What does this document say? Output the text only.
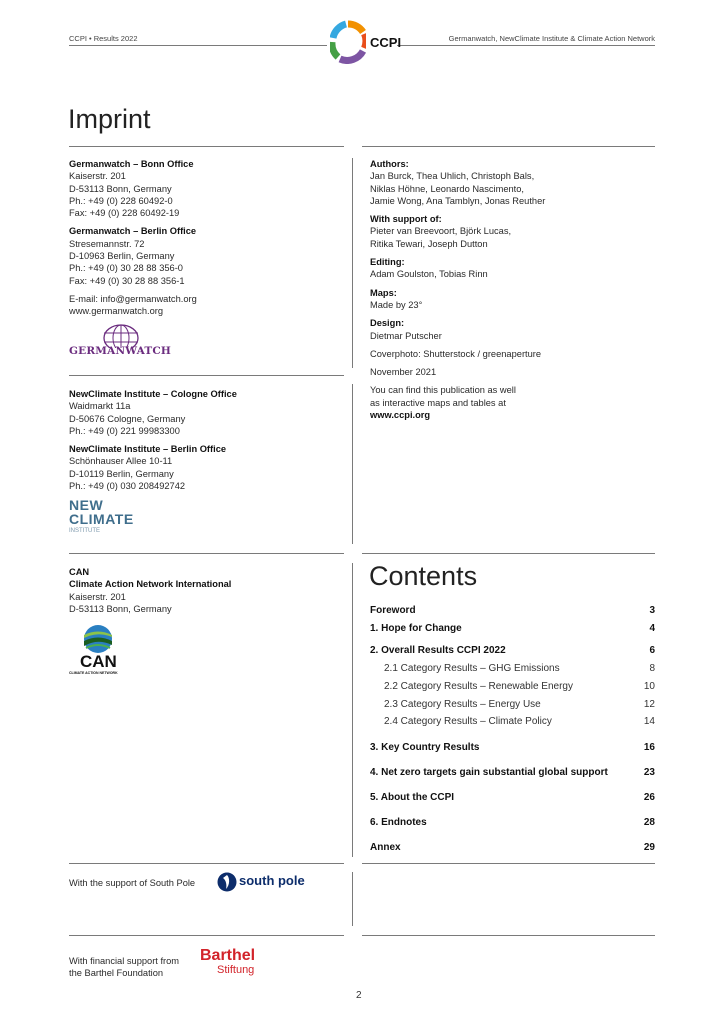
CCPI • Results 2022	Germanwatch, NewClimate Institute & Climate Action Network
CCPI
Imprint
Germanwatch – Bonn Office
Kaiserstr. 201
D-53113 Bonn, Germany
Ph.: +49 (0) 228 60492-0
Fax: +49 (0) 228 60492-19
Germanwatch – Berlin Office
Stresemannstr. 72
D-10963 Berlin, Germany
Ph.: +49 (0) 30 28 88 356-0
Fax: +49 (0) 30 28 88 356-1
E-mail: info@germanwatch.org
www.germanwatch.org
GERMANWATCH
NewClimate Institute – Cologne Office
Waidmarkt 11a
D-50676 Cologne, Germany
Ph.: +49 (0) 221 99983300
NewClimate Institute – Berlin Office
Schönhauser Allee 10-11
D-10119 Berlin, Germany
Ph.: +49 (0) 030 208492742
NEW
CLIMATE
INSTITUTE
CAN
Climate Action Network International
Kaiserstr. 201
D-53113 Bonn, Germany
CAN
CLIMATE ACTION NETWORK
Authors:
Jan Burck, Thea Uhlich, Christoph Bals,
Niklas Höhne, Leonardo Nascimento,
Jamie Wong, Ana Tamblyn, Jonas Reuther
With support of:
Pieter van Breevoort, Björk Lucas,
Ritika Tewari, Joseph Dutton
Editing:
Adam Goulston, Tobias Rinn
Maps:
Made by 23°
Design:
Dietmar Putscher
Coverphoto: Shutterstock / greenaperture
November 2021
You can find this publication as well
as interactive maps and tables at
www.ccpi.org
Contents
Foreword	3
1. Hope for Change	4
2. Overall Results CCPI 2022	6
2.1 Category Results – GHG Emissions	8
2.2 Category Results – Renewable Energy	10
2.3 Category Results – Energy Use	12
2.4 Category Results – Climate Policy	14
3. Key Country Results	16
4. Net zero targets gain substantial global support	23
5. About the CCPI	26
6. Endnotes	28
Annex	29
With the support of South Pole	south pole
With financial support from
the Barthel Foundation
Barthel
Stiftung
2
